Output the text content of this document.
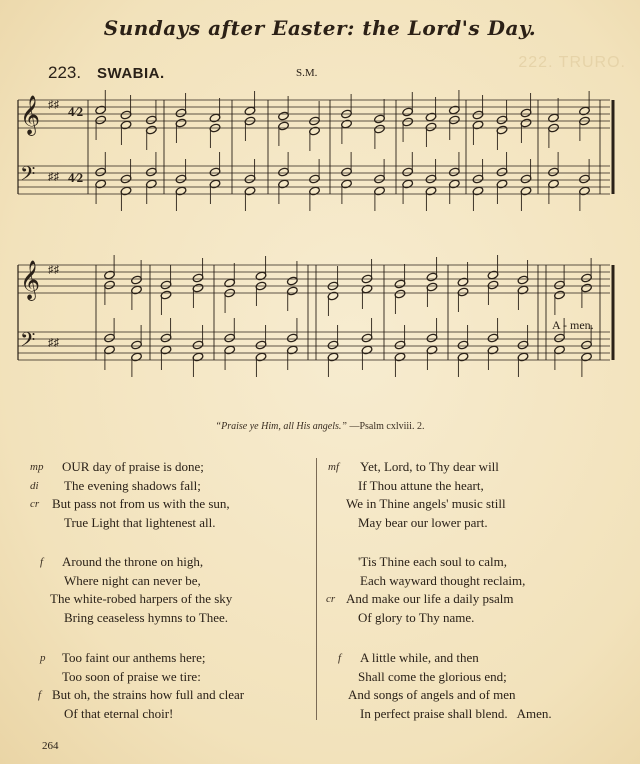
Sundays after Easter: the Lord's Day.
222. TRURO.
223. SWABIA.	S.M.
𝄞 ♯♯ 4⁄2
𝄢 ♯♯ 4⁄2
𝄞 ♯♯
𝄢 ♯♯
A - men.
“Praise ye Him, all His angels.” —Psalm cxlviii. 2.
mp OUR day of praise is done;
di The evening shadows fall;
cr But pass not from us with the sun,
True Light that lightenest all.
f Around the throne on high,
Where night can never be,
The white-robed harpers of the sky
Bring ceaseless hymns to Thee.
p Too faint our anthems here;
Too soon of praise we tire:
f But oh, the strains how full and clear
Of that eternal choir!
mf Yet, Lord, to Thy dear will
If Thou attune the heart,
We in Thine angels' music still
May bear our lower part.
'Tis Thine each soul to calm,
Each wayward thought reclaim,
cr And make our life a daily psalm
Of glory to Thy name.
f A little while, and then
Shall come the glorious end;
And songs of angels and of men
In perfect praise shall blend.   Amen.
264
